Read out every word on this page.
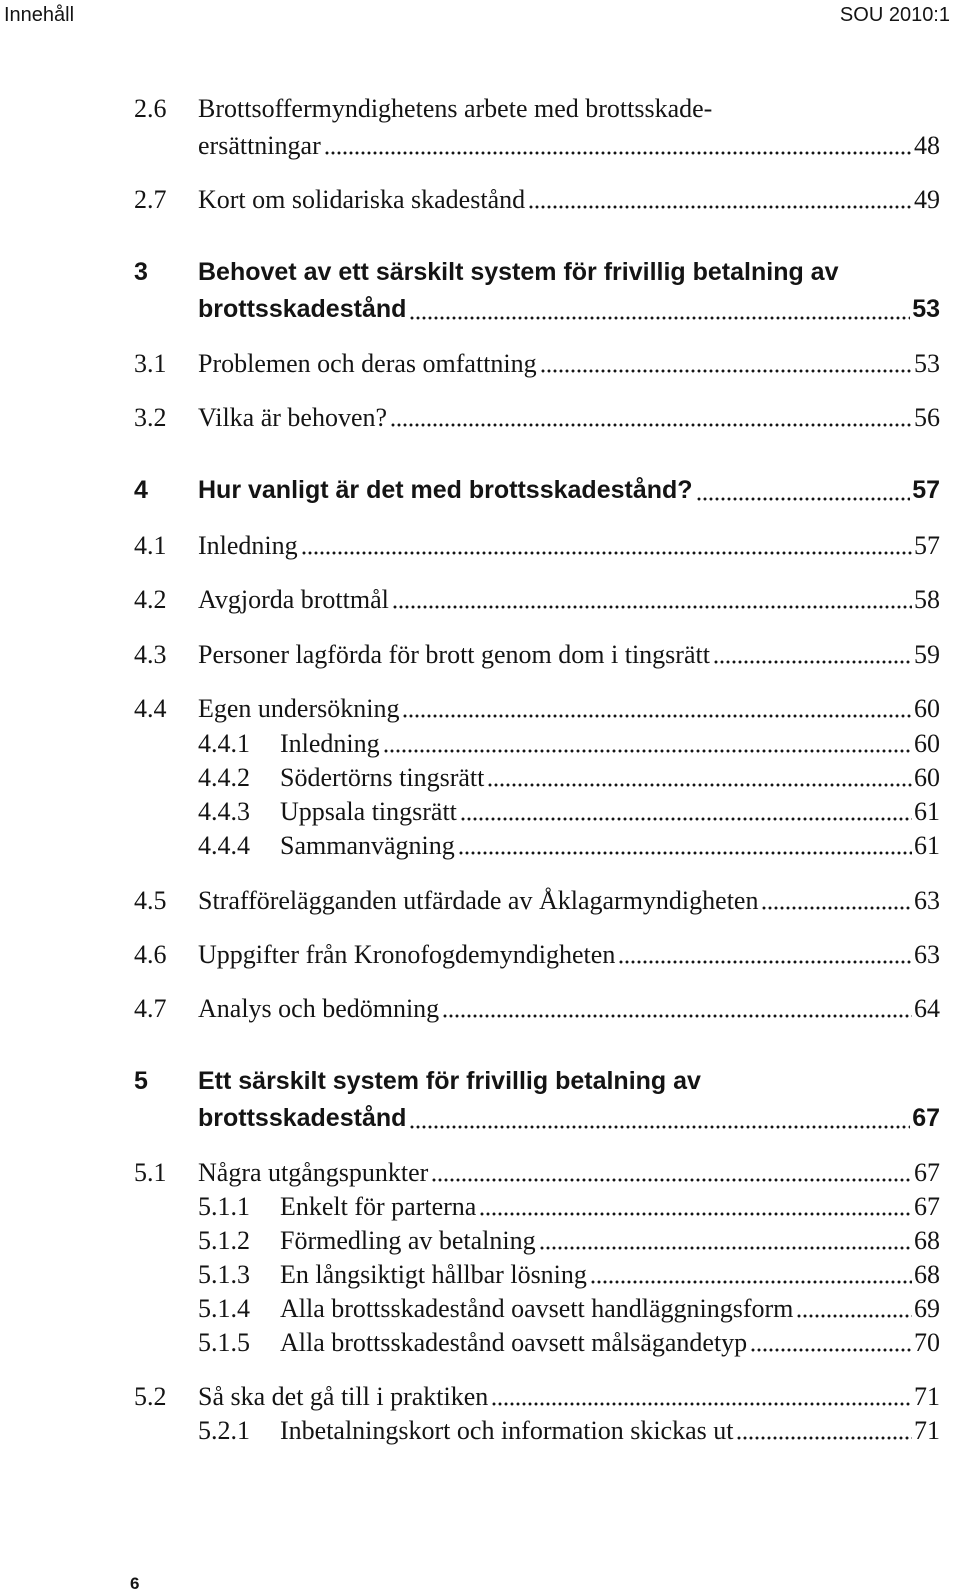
Innehåll	SOU 2010:1
2.6 Brottsoffermyndighetens arbete med brottsskade-
ersättningar	48
2.7 Kort om solidariska skadestånd	49
3 Behovet av ett särskilt system för frivillig betalning av
brottsskadestånd	53
3.1 Problemen och deras omfattning	53
3.2 Vilka är behoven?	56
4 Hur vanligt är det med brottsskadestånd?	57
4.1 Inledning	57
4.2 Avgjorda brottmål	58
4.3 Personer lagförda för brott genom dom i tingsrätt	59
4.4 Egen undersökning	60
4.4.1 Inledning	60
4.4.2 Södertörns tingsrätt	60
4.4.3 Uppsala tingsrätt	61
4.4.4 Sammanvägning	61
4.5 Strafförelägganden utfärdade av Åklagarmyndigheten	63
4.6 Uppgifter från Kronofogdemyndigheten	63
4.7 Analys och bedömning	64
5 Ett särskilt system för frivillig betalning av
brottsskadestånd	67
5.1 Några utgångspunkter	67
5.1.1 Enkelt för parterna	67
5.1.2 Förmedling av betalning	68
5.1.3 En långsiktigt hållbar lösning	68
5.1.4 Alla brottsskadestånd oavsett handläggningsform	69
5.1.5 Alla brottsskadestånd oavsett målsägandetyp	70
5.2 Så ska det gå till i praktiken	71
5.2.1 Inbetalningskort och information skickas ut	71
6
